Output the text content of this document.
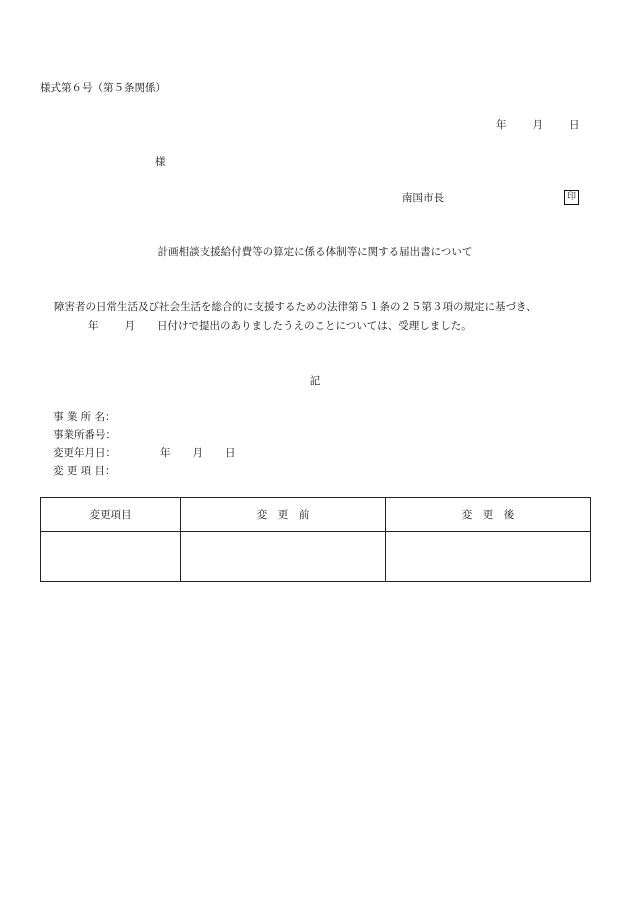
様式第６号（第５条関係）
年 月 日
様
南国市長	印
計画相談支援給付費等の算定に係る体制等に関する届出書について
障害者の日常生活及び社会生活を総合的に支援するための法律第５１条の２５第３項の規定に基づき、
年 月 日付けで提出のありましたうえのことについては、受理しました。
記
事 業 所 名：
事業所番号：
変更年月日：	年 月 日
変 更 項 目：
変更項目	変　更　前	変　更　後
